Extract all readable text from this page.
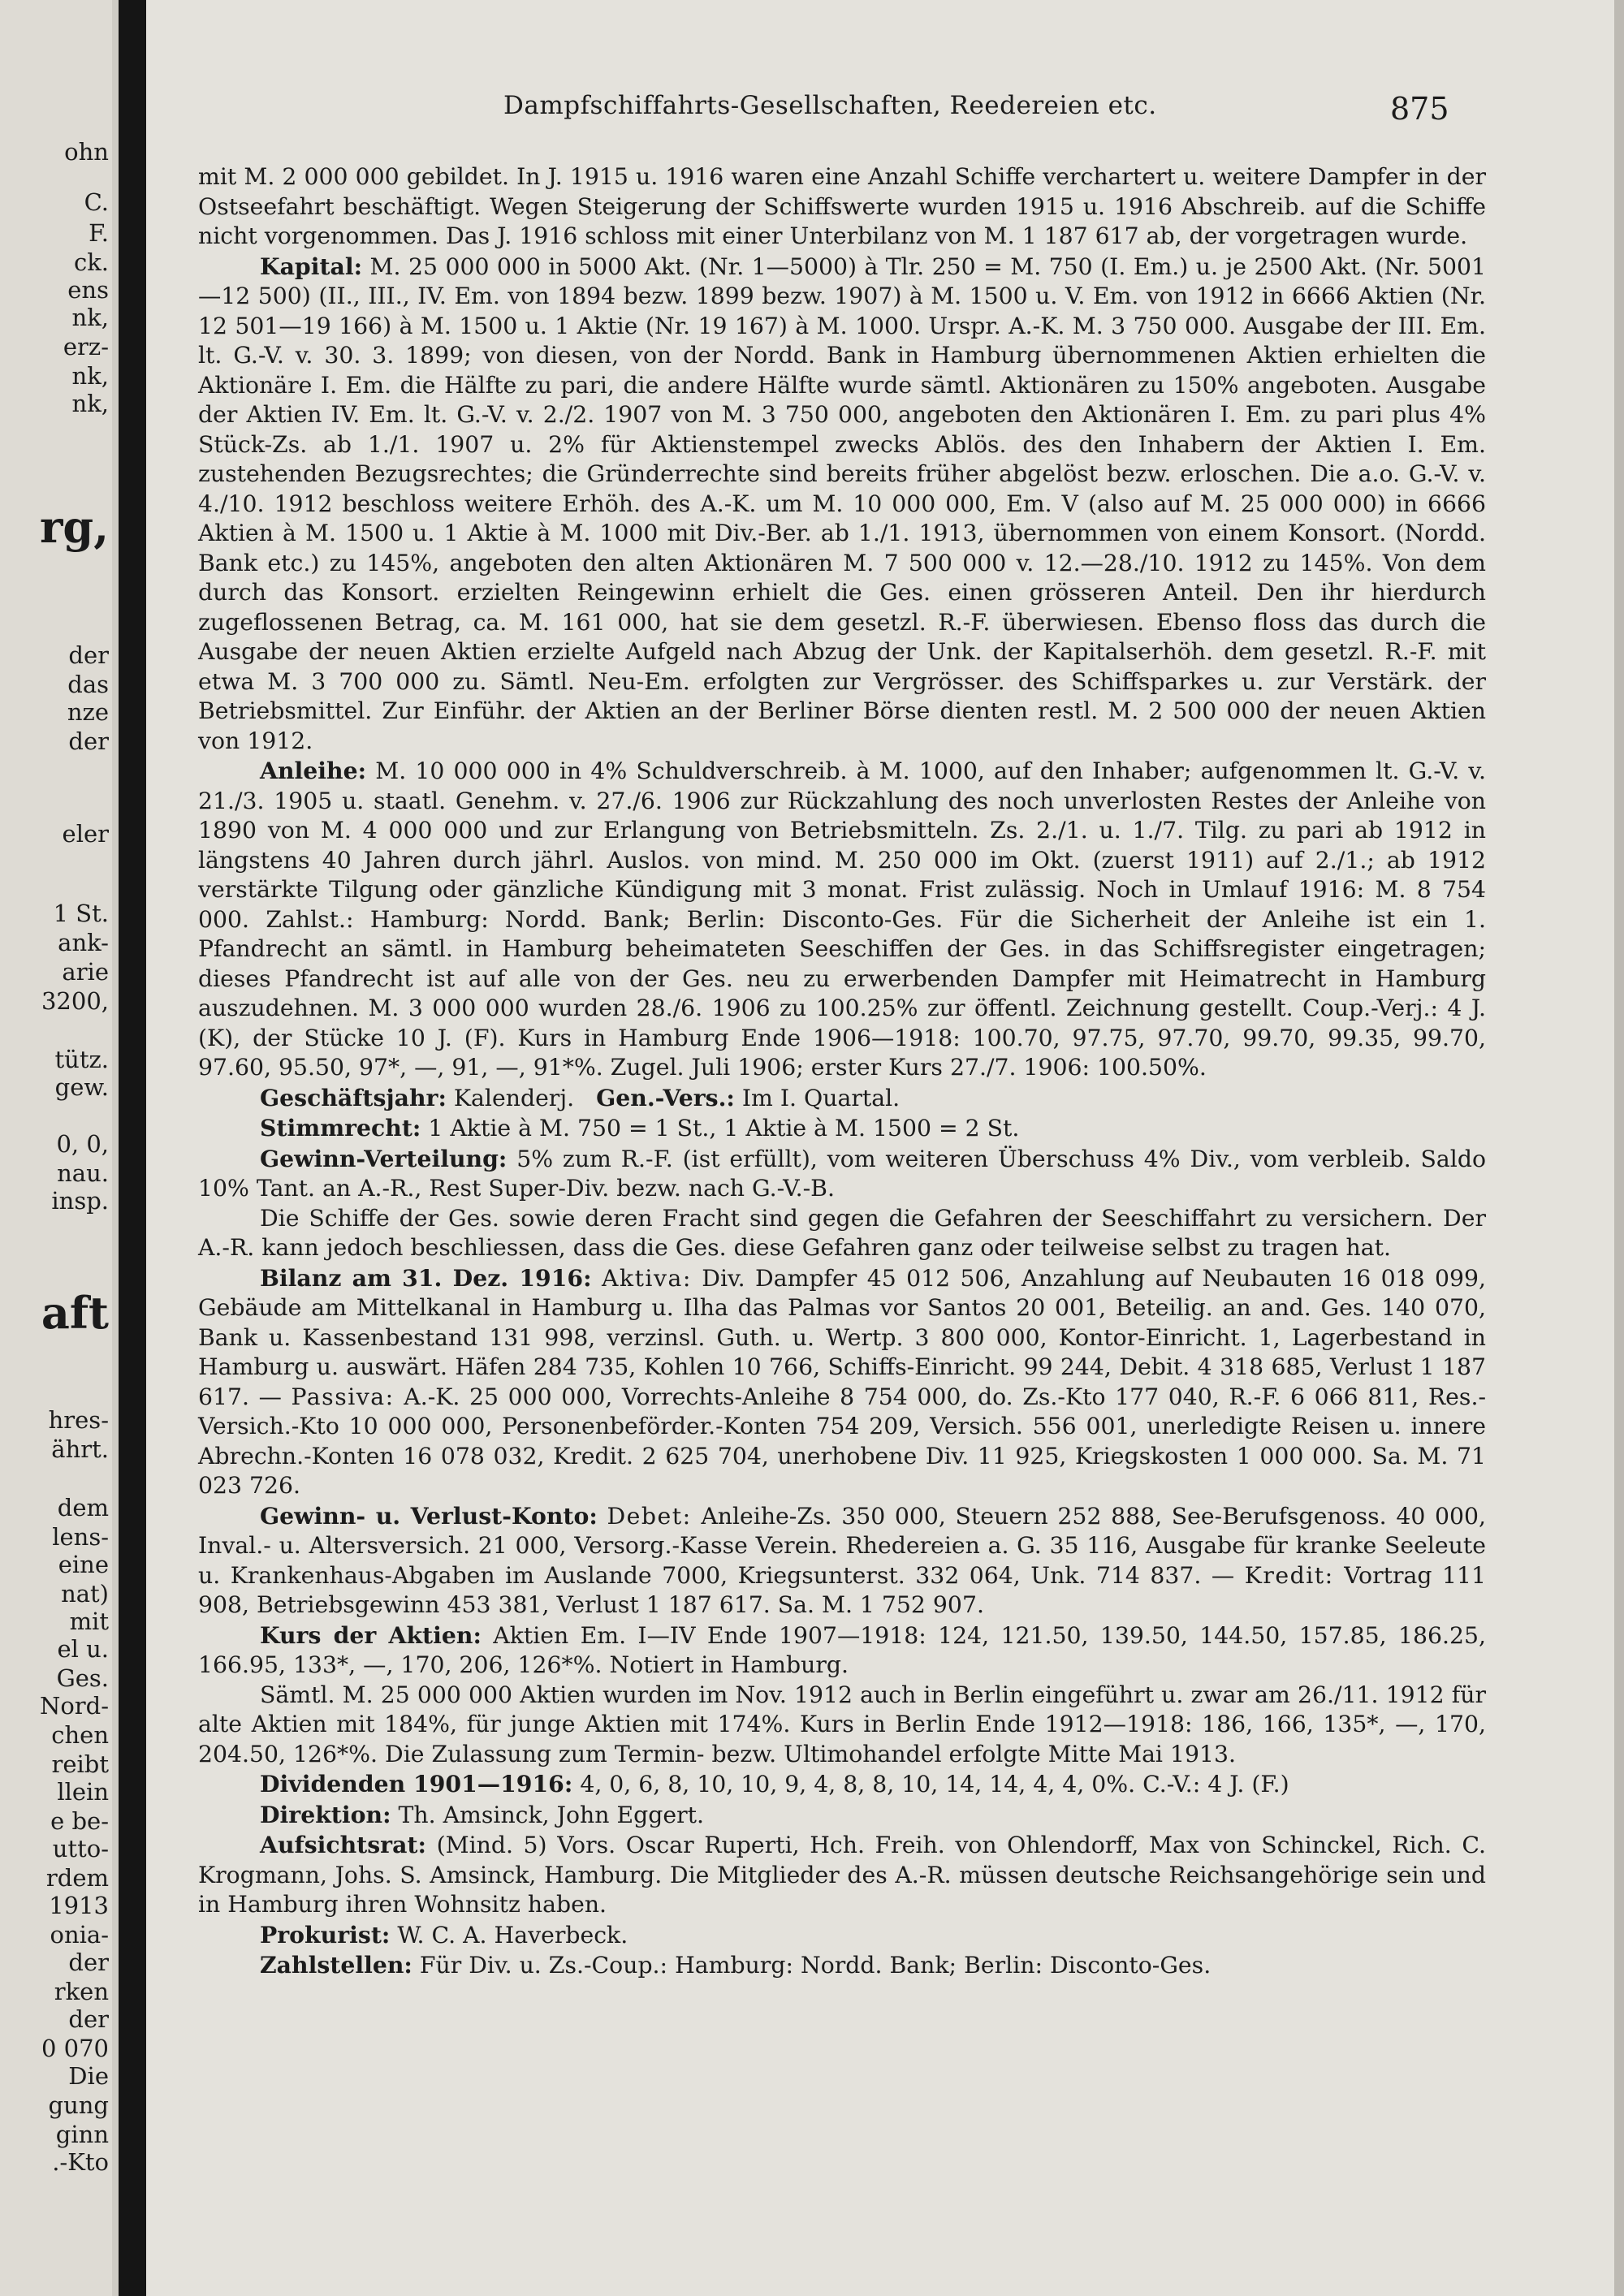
ohn
C.
F.
ck.
ens
nk,
erz-
nk,
nk,
rg,
der
das
nze
der
eler
1 St.
ank-
arie
3200,
tütz.
gew.
0, 0,
nau.
insp.
aft
hres-
ährt.
dem
lens-
eine
nat)
mit
el u.
Ges.
Nord-
chen
reibt
llein
e be-
utto-
rdem
1913
onia-
der
rken
der
0 070
Die
gung
ginn
.-Kto
Dampfschiffahrts-Gesellschaften, Reedereien etc.	875

mit M. 2 000 000 gebildet. In J. 1915 u. 1916 waren eine Anzahl Schiffe verchartert u. weitere Dampfer in der Ostseefahrt beschäftigt. Wegen Steigerung der Schiffswerte wurden 1915 u. 1916 Abschreib. auf die Schiffe nicht vorgenommen. Das J. 1916 schloss mit einer Unterbilanz von M. 1 187 617 ab, der vorgetragen wurde.

Kapital: M. 25 000 000 in 5000 Akt. (Nr. 1—5000) à Tlr. 250 = M. 750 (I. Em.) u. je 2500 Akt. (Nr. 5001—12 500) (II., III., IV. Em. von 1894 bezw. 1899 bezw. 1907) à M. 1500 u. V. Em. von 1912 in 6666 Aktien (Nr. 12 501—19 166) à M. 1500 u. 1 Aktie (Nr. 19 167) à M. 1000. Urspr. A.-K. M. 3 750 000. Ausgabe der III. Em. lt. G.-V. v. 30. 3. 1899; von diesen, von der Nordd. Bank in Hamburg übernommenen Aktien erhielten die Aktionäre I. Em. die Hälfte zu pari, die andere Hälfte wurde sämtl. Aktionären zu 150% angeboten. Ausgabe der Aktien IV. Em. lt. G.-V. v. 2./2. 1907 von M. 3 750 000, angeboten den Aktionären I. Em. zu pari plus 4% Stück-Zs. ab 1./1. 1907 u. 2% für Aktienstempel zwecks Ablös. des den Inhabern der Aktien I. Em. zustehenden Bezugsrechtes; die Gründerrechte sind bereits früher abgelöst bezw. erloschen. Die a.o. G.-V. v. 4./10. 1912 beschloss weitere Erhöh. des A.-K. um M. 10 000 000, Em. V (also auf M. 25 000 000) in 6666 Aktien à M. 1500 u. 1 Aktie à M. 1000 mit Div.-Ber. ab 1./1. 1913, übernommen von einem Konsort. (Nordd. Bank etc.) zu 145%, angeboten den alten Aktionären M. 7 500 000 v. 12.—28./10. 1912 zu 145%. Von dem durch das Konsort. erzielten Reingewinn erhielt die Ges. einen grösseren Anteil. Den ihr hierdurch zugeflossenen Betrag, ca. M. 161 000, hat sie dem gesetzl. R.-F. überwiesen. Ebenso floss das durch die Ausgabe der neuen Aktien erzielte Aufgeld nach Abzug der Unk. der Kapitalserhöh. dem gesetzl. R.-F. mit etwa M. 3 700 000 zu. Sämtl. Neu-Em. erfolgten zur Vergrösser. des Schiffsparkes u. zur Verstärk. der Betriebsmittel. Zur Einführ. der Aktien an der Berliner Börse dienten restl. M. 2 500 000 der neuen Aktien von 1912.

Anleihe: M. 10 000 000 in 4% Schuldverschreib. à M. 1000, auf den Inhaber; aufgenommen lt. G.-V. v. 21./3. 1905 u. staatl. Genehm. v. 27./6. 1906 zur Rückzahlung des noch unverlosten Restes der Anleihe von 1890 von M. 4 000 000 und zur Erlangung von Betriebsmitteln. Zs. 2./1. u. 1./7. Tilg. zu pari ab 1912 in längstens 40 Jahren durch jährl. Auslos. von mind. M. 250 000 im Okt. (zuerst 1911) auf 2./1.; ab 1912 verstärkte Tilgung oder gänzliche Kündigung mit 3 monat. Frist zulässig. Noch in Umlauf 1916: M. 8 754 000. Zahlst.: Hamburg: Nordd. Bank; Berlin: Disconto-Ges. Für die Sicherheit der Anleihe ist ein 1. Pfandrecht an sämtl. in Hamburg beheimateten Seeschiffen der Ges. in das Schiffsregister eingetragen; dieses Pfandrecht ist auf alle von der Ges. neu zu erwerbenden Dampfer mit Heimatrecht in Hamburg auszudehnen. M. 3 000 000 wurden 28./6. 1906 zu 100.25% zur öffentl. Zeichnung gestellt. Coup.-Verj.: 4 J. (K), der Stücke 10 J. (F). Kurs in Hamburg Ende 1906—1918: 100.70, 97.75, 97.70, 99.70, 99.35, 99.70, 97.60, 95.50, 97*, —, 91, —, 91*%. Zugel. Juli 1906; erster Kurs 27./7. 1906: 100.50%.

Geschäftsjahr: Kalenderj. Gen.-Vers.: Im I. Quartal.

Stimmrecht: 1 Aktie à M. 750 = 1 St., 1 Aktie à M. 1500 = 2 St.

Gewinn-Verteilung: 5% zum R.-F. (ist erfüllt), vom weiteren Überschuss 4% Div., vom verbleib. Saldo 10% Tant. an A.-R., Rest Super-Div. bezw. nach G.-V.-B.

Die Schiffe der Ges. sowie deren Fracht sind gegen die Gefahren der Seeschiffahrt zu versichern. Der A.-R. kann jedoch beschliessen, dass die Ges. diese Gefahren ganz oder teilweise selbst zu tragen hat.

Bilanz am 31. Dez. 1916: Aktiva: Div. Dampfer 45 012 506, Anzahlung auf Neubauten 16 018 099, Gebäude am Mittelkanal in Hamburg u. Ilha das Palmas vor Santos 20 001, Beteilig. an and. Ges. 140 070, Bank u. Kassenbestand 131 998, verzinsl. Guth. u. Wertp. 3 800 000, Kontor-Einricht. 1, Lagerbestand in Hamburg u. auswärt. Häfen 284 735, Kohlen 10 766, Schiffs-Einricht. 99 244, Debit. 4 318 685, Verlust 1 187 617. — Passiva: A.-K. 25 000 000, Vorrechts-Anleihe 8 754 000, do. Zs.-Kto 177 040, R.-F. 6 066 811, Res.-Versich.-Kto 10 000 000, Personenbeförder.-Konten 754 209, Versich. 556 001, unerledigte Reisen u. innere Abrechn.-Konten 16 078 032, Kredit. 2 625 704, unerhobene Div. 11 925, Kriegskosten 1 000 000. Sa. M. 71 023 726.

Gewinn- u. Verlust-Konto: Debet: Anleihe-Zs. 350 000, Steuern 252 888, See-Berufsgenoss. 40 000, Inval.- u. Altersversich. 21 000, Versorg.-Kasse Verein. Rhedereien a. G. 35 116, Ausgabe für kranke Seeleute u. Krankenhaus-Abgaben im Auslande 7000, Kriegsunterst. 332 064, Unk. 714 837. — Kredit: Vortrag 111 908, Betriebsgewinn 453 381, Verlust 1 187 617. Sa. M. 1 752 907.

Kurs der Aktien: Aktien Em. I—IV Ende 1907—1918: 124, 121.50, 139.50, 144.50, 157.85, 186.25, 166.95, 133*, —, 170, 206, 126*%. Notiert in Hamburg.

Sämtl. M. 25 000 000 Aktien wurden im Nov. 1912 auch in Berlin eingeführt u. zwar am 26./11. 1912 für alte Aktien mit 184%, für junge Aktien mit 174%. Kurs in Berlin Ende 1912—1918: 186, 166, 135*, —, 170, 204.50, 126*%. Die Zulassung zum Termin- bezw. Ultimohandel erfolgte Mitte Mai 1913.

Dividenden 1901—1916: 4, 0, 6, 8, 10, 10, 9, 4, 8, 8, 10, 14, 14, 4, 4, 0%. C.-V.: 4 J. (F.)

Direktion: Th. Amsinck, John Eggert.

Aufsichtsrat: (Mind. 5) Vors. Oscar Ruperti, Hch. Freih. von Ohlendorff, Max von Schinckel, Rich. C. Krogmann, Johs. S. Amsinck, Hamburg. Die Mitglieder des A.-R. müssen deutsche Reichsangehörige sein und in Hamburg ihren Wohnsitz haben.

Prokurist: W. C. A. Haverbeck.

Zahlstellen: Für Div. u. Zs.-Coup.: Hamburg: Nordd. Bank; Berlin: Disconto-Ges.
